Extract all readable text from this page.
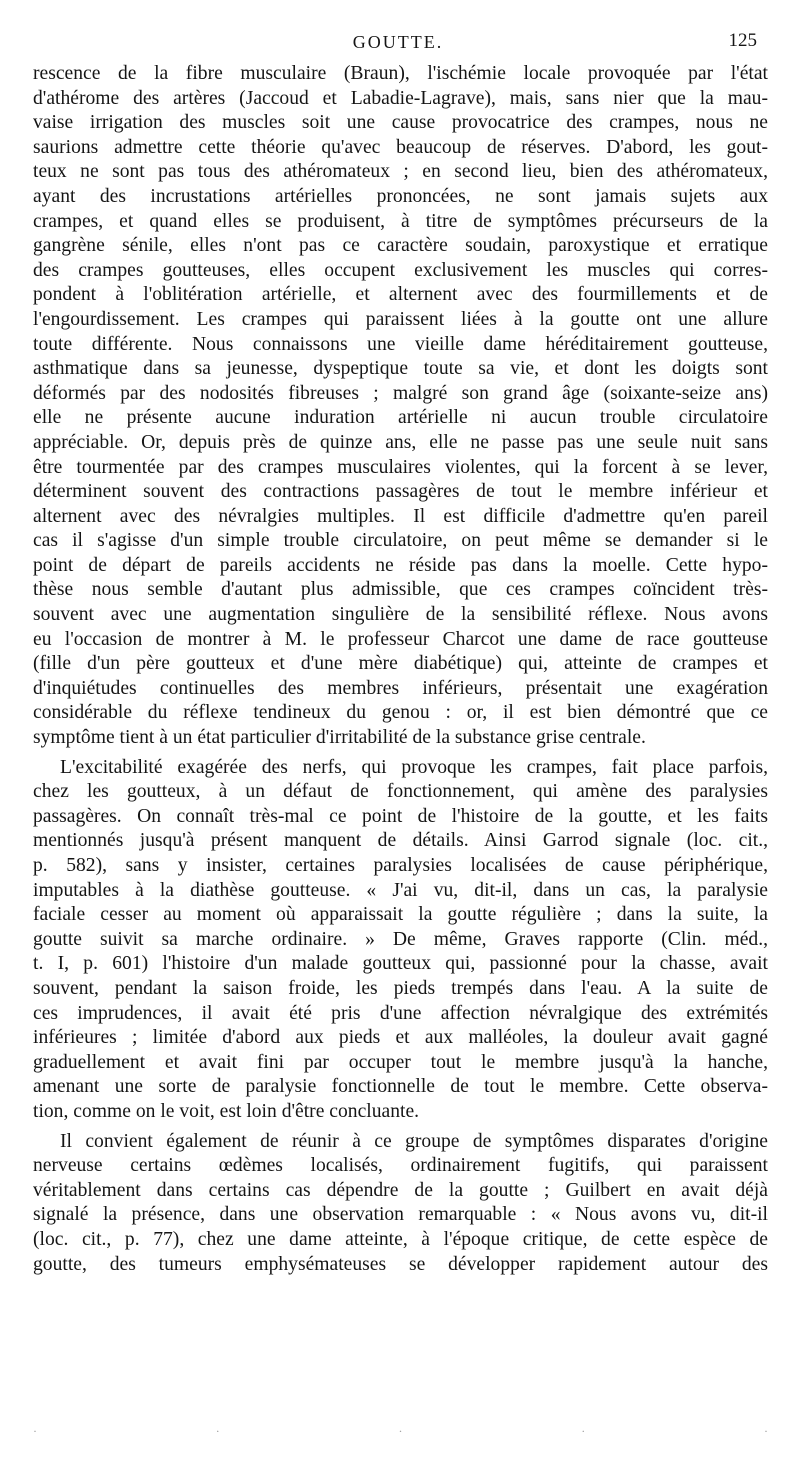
GOUTTE.	125
rescence de la fibre musculaire (Braun), l'ischémie locale provoquée par l'état
d'athérome des artères (Jaccoud et Labadie-Lagrave), mais, sans nier que la mau-
vaise irrigation des muscles soit une cause provocatrice des crampes, nous ne
saurions admettre cette théorie qu'avec beaucoup de réserves. D'abord, les gout-
teux ne sont pas tous des athéromateux ; en second lieu, bien des athéromateux,
ayant des incrustations artérielles prononcées, ne sont jamais sujets aux
crampes, et quand elles se produisent, à titre de symptômes précurseurs de la
gangrène sénile, elles n'ont pas ce caractère soudain, paroxystique et erratique
des crampes goutteuses, elles occupent exclusivement les muscles qui corres-
pondent à l'oblitération artérielle, et alternent avec des fourmillements et de
l'engourdissement. Les crampes qui paraissent liées à la goutte ont une allure
toute différente. Nous connaissons une vieille dame héréditairement goutteuse,
asthmatique dans sa jeunesse, dyspeptique toute sa vie, et dont les doigts sont
déformés par des nodosités fibreuses ; malgré son grand âge (soixante-seize ans)
elle ne présente aucune induration artérielle ni aucun trouble circulatoire
appréciable. Or, depuis près de quinze ans, elle ne passe pas une seule nuit sans
être tourmentée par des crampes musculaires violentes, qui la forcent à se lever,
déterminent souvent des contractions passagères de tout le membre inférieur et
alternent avec des névralgies multiples. Il est difficile d'admettre qu'en pareil
cas il s'agisse d'un simple trouble circulatoire, on peut même se demander si le
point de départ de pareils accidents ne réside pas dans la moelle. Cette hypo-
thèse nous semble d'autant plus admissible, que ces crampes coïncident très-
souvent avec une augmentation singulière de la sensibilité réflexe. Nous avons
eu l'occasion de montrer à M. le professeur Charcot une dame de race goutteuse
(fille d'un père goutteux et d'une mère diabétique) qui, atteinte de crampes et
d'inquiétudes continuelles des membres inférieurs, présentait une exagération
considérable du réflexe tendineux du genou : or, il est bien démontré que ce
symptôme tient à un état particulier d'irritabilité de la substance grise centrale.
L'excitabilité exagérée des nerfs, qui provoque les crampes, fait place parfois,
chez les goutteux, à un défaut de fonctionnement, qui amène des paralysies
passagères. On connaît très-mal ce point de l'histoire de la goutte, et les faits
mentionnés jusqu'à présent manquent de détails. Ainsi Garrod signale (loc. cit.,
p. 582), sans y insister, certaines paralysies localisées de cause périphérique,
imputables à la diathèse goutteuse. « J'ai vu, dit-il, dans un cas, la paralysie
faciale cesser au moment où apparaissait la goutte régulière ; dans la suite, la
goutte suivit sa marche ordinaire. » De même, Graves rapporte (Clin. méd.,
t. I, p. 601) l'histoire d'un malade goutteux qui, passionné pour la chasse, avait
souvent, pendant la saison froide, les pieds trempés dans l'eau. A la suite de
ces imprudences, il avait été pris d'une affection névralgique des extrémités
inférieures ; limitée d'abord aux pieds et aux malléoles, la douleur avait gagné
graduellement et avait fini par occuper tout le membre jusqu'à la hanche,
amenant une sorte de paralysie fonctionnelle de tout le membre. Cette observa-
tion, comme on le voit, est loin d'être concluante.
Il convient également de réunir à ce groupe de symptômes disparates d'origine
nerveuse certains œdèmes localisés, ordinairement fugitifs, qui paraissent
véritablement dans certains cas dépendre de la goutte ; Guilbert en avait déjà
signalé la présence, dans une observation remarquable : « Nous avons vu, dit-il
(loc. cit., p. 77), chez une dame atteinte, à l'époque critique, de cette espèce de
goutte, des tumeurs emphysémateuses se développer rapidement autour des
·	·	·	·	·
